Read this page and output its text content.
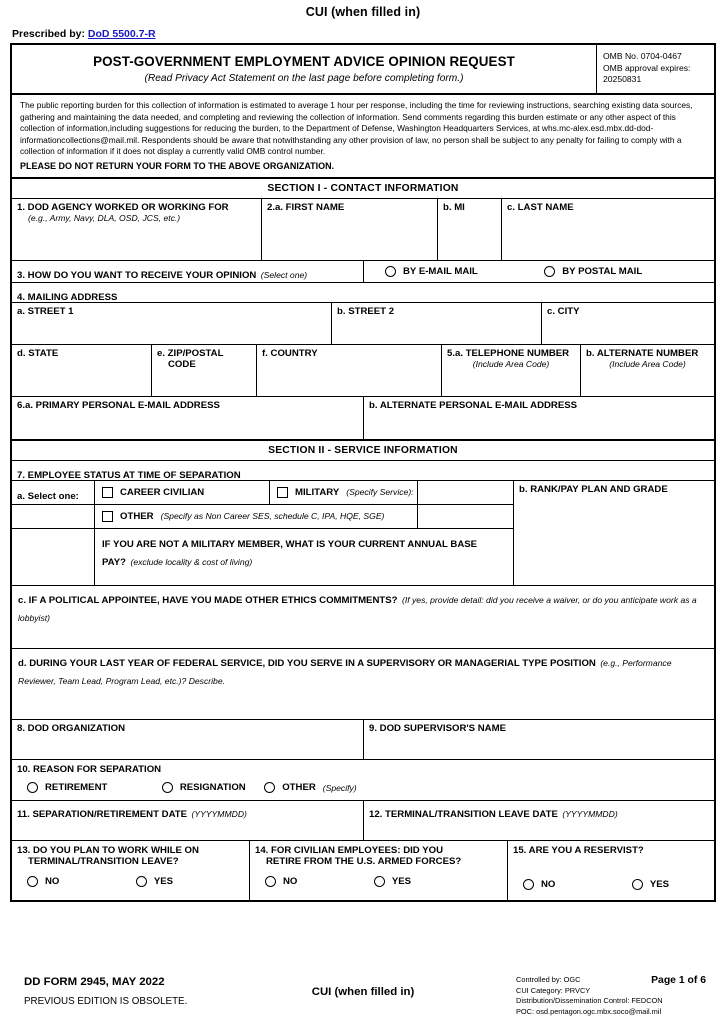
CUI (when filled in)
Prescribed by: DoD 5500.7-R
POST-GOVERNMENT EMPLOYMENT ADVICE OPINION REQUEST
(Read Privacy Act Statement on the last page before completing form.)
OMB No. 0704-0467
OMB approval expires:
20250831
The public reporting burden for this collection of information is estimated to average 1 hour per response, including the time for reviewing instructions, searching existing data sources, gathering and maintaining the data needed, and completing and reviewing the collection of information. Send comments regarding this burden estimate or any other aspect of this collection of information,including suggestions for reducing the burden, to the Department of Defense, Washington Headquarters Services, at whs.mc-alex.esd.mbx.dd-dod-informationcollections@mail.mil. Respondents should be aware that notwithstanding any other provision of law, no person shall be subject to any penalty for failing to comply with a collection of information if it does not display a currently valid OMB control number.
PLEASE DO NOT RETURN YOUR FORM TO THE ABOVE ORGANIZATION.
SECTION I - CONTACT INFORMATION
1. DOD AGENCY WORKED OR WORKING FOR
(e.g., Army, Navy, DLA, OSD, JCS, etc.)
2.a. FIRST NAME	b. MI	c. LAST NAME
3. HOW DO YOU WANT TO RECEIVE YOUR OPINION (Select one)	BY E-MAIL MAIL
	BY POSTAL MAIL
4. MAILING ADDRESS
a. STREET 1	b. STREET 2	c. CITY
d. STATE	e. ZIP/POSTAL
CODE
f. COUNTRY	5.a. TELEPHONE NUMBER
(Include Area Code)
b. ALTERNATE NUMBER
(Include Area Code)
6.a. PRIMARY PERSONAL E-MAIL ADDRESS	b. ALTERNATE PERSONAL E-MAIL ADDRESS
SECTION II - SERVICE INFORMATION
7. EMPLOYEE STATUS AT TIME OF SEPARATION
a. Select one:	CAREER CIVILIAN	MILITARY (Specify Service):
OTHER (Specify as Non Career SES, schedule C, IPA, HQE, SGE)
IF YOU ARE NOT A MILITARY MEMBER, WHAT IS YOUR CURRENT ANNUAL BASE PAY? (exclude locality & cost of living)
b. RANK/PAY PLAN AND GRADE
c. IF A POLITICAL APPOINTEE, HAVE YOU MADE OTHER ETHICS COMMITMENTS? (If yes, provide detail: did you receive a waiver, or do you anticipate work as a lobbyist)
d. DURING YOUR LAST YEAR OF FEDERAL SERVICE, DID YOU SERVE IN A SUPERVISORY OR MANAGERIAL TYPE POSITION (e.g., Performance Reviewer, Team Lead, Program Lead, etc.)? Describe.
8. DOD ORGANIZATION	9. DOD SUPERVISOR'S NAME
10. REASON FOR SEPARATION
RETIREMENT
	RESIGNATION
	OTHER (Specify)
11. SEPARATION/RETIREMENT DATE (YYYYMMDD)	12. TERMINAL/TRANSITION LEAVE DATE (YYYYMMDD)
13. DO YOU PLAN TO WORK WHILE ON
TERMINAL/TRANSITION LEAVE?
NO
	YES
14. FOR CIVILIAN EMPLOYEES: DID YOU
RETIRE FROM THE U.S. ARMED FORCES?
NO
	YES
15. ARE YOU A RESERVIST?
NO
	YES
DD FORM 2945, MAY 2022
PREVIOUS EDITION IS OBSOLETE.
CUI (when filled in)
Page 1 of 6
Controlled by: OGC
CUI Category: PRVCY
Distribution/Dissemination Control: FEDCON
POC: osd.pentagon.ogc.mbx.soco@mail.mil
